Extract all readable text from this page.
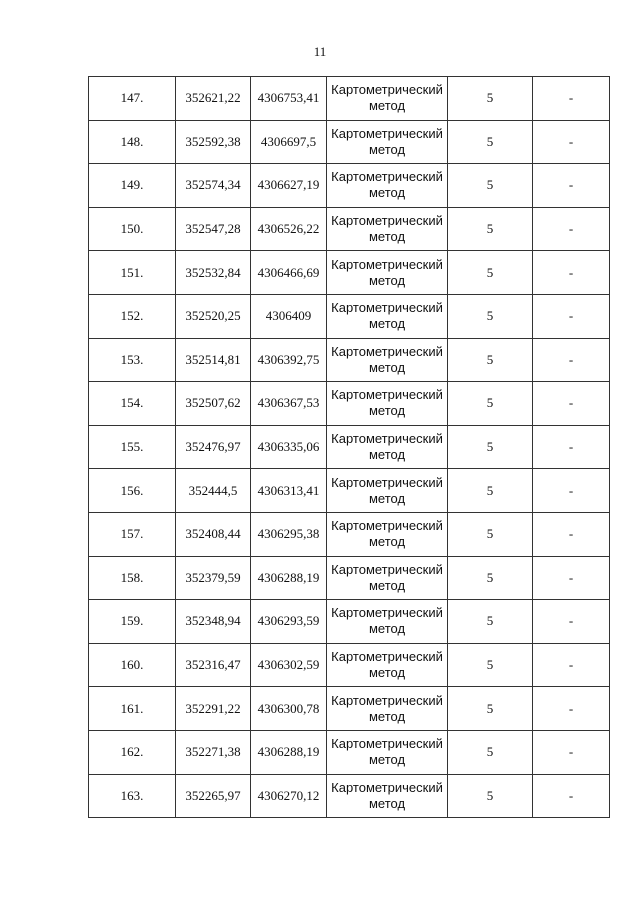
11
147.	352621,22	4306753,41	Картометрический
метод	5	-
148.	352592,38	4306697,5	Картометрический
метод	5	-
149.	352574,34	4306627,19	Картометрический
метод	5	-
150.	352547,28	4306526,22	Картометрический
метод	5	-
151.	352532,84	4306466,69	Картометрический
метод	5	-
152.	352520,25	4306409	Картометрический
метод	5	-
153.	352514,81	4306392,75	Картометрический
метод	5	-
154.	352507,62	4306367,53	Картометрический
метод	5	-
155.	352476,97	4306335,06	Картометрический
метод	5	-
156.	352444,5	4306313,41	Картометрический
метод	5	-
157.	352408,44	4306295,38	Картометрический
метод	5	-
158.	352379,59	4306288,19	Картометрический
метод	5	-
159.	352348,94	4306293,59	Картометрический
метод	5	-
160.	352316,47	4306302,59	Картометрический
метод	5	-
161.	352291,22	4306300,78	Картометрический
метод	5	-
162.	352271,38	4306288,19	Картометрический
метод	5	-
163.	352265,97	4306270,12	Картометрический
метод	5	-
